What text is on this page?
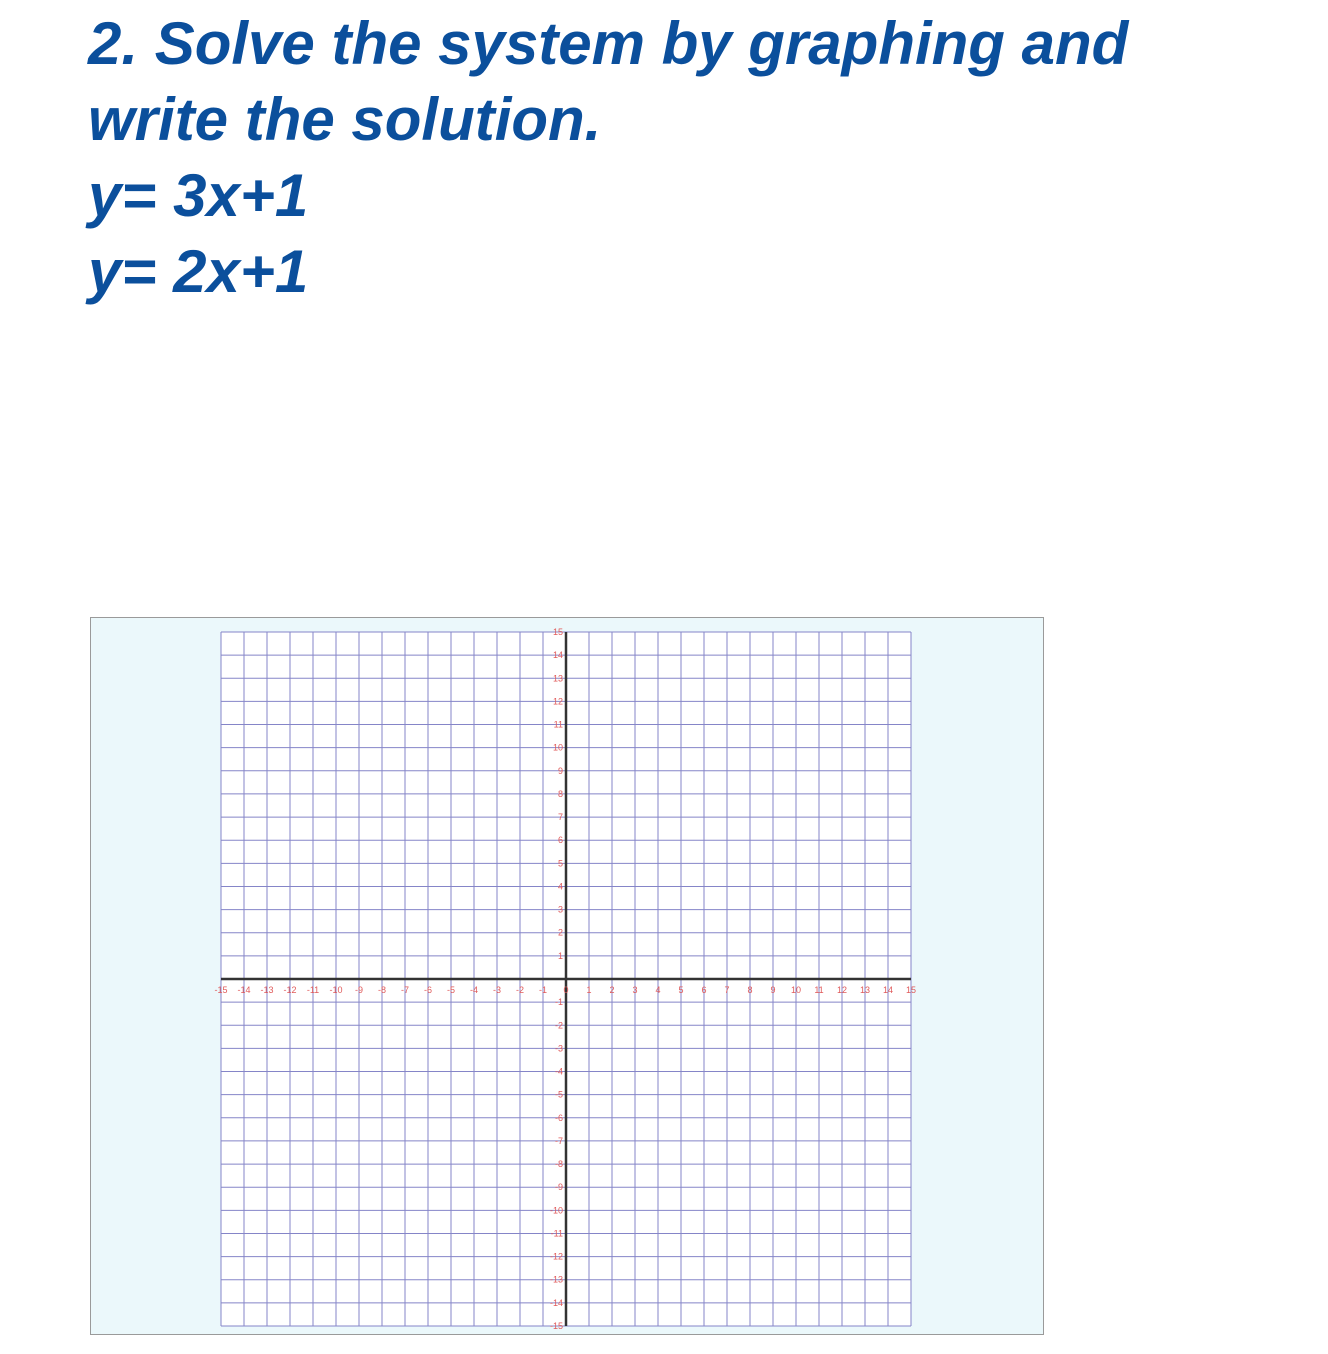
2. Solve the system by graphing and
write the solution.
y= 3x+1
y= 2x+1
-15 -14 -13 -12 -11 -10 -9 -8 -7 -6 -5 -4 -3 -2 -1 0 1 2 3 4 5 6 7 8 9 10 11 12 13 14 15
15
14
13
12
11
10
9
8
7
6
5
4
3
2
1
-1
-2
-3
-4
-5
-6
-7
-8
-9
-10
-11
-12
-13
-14
-15
